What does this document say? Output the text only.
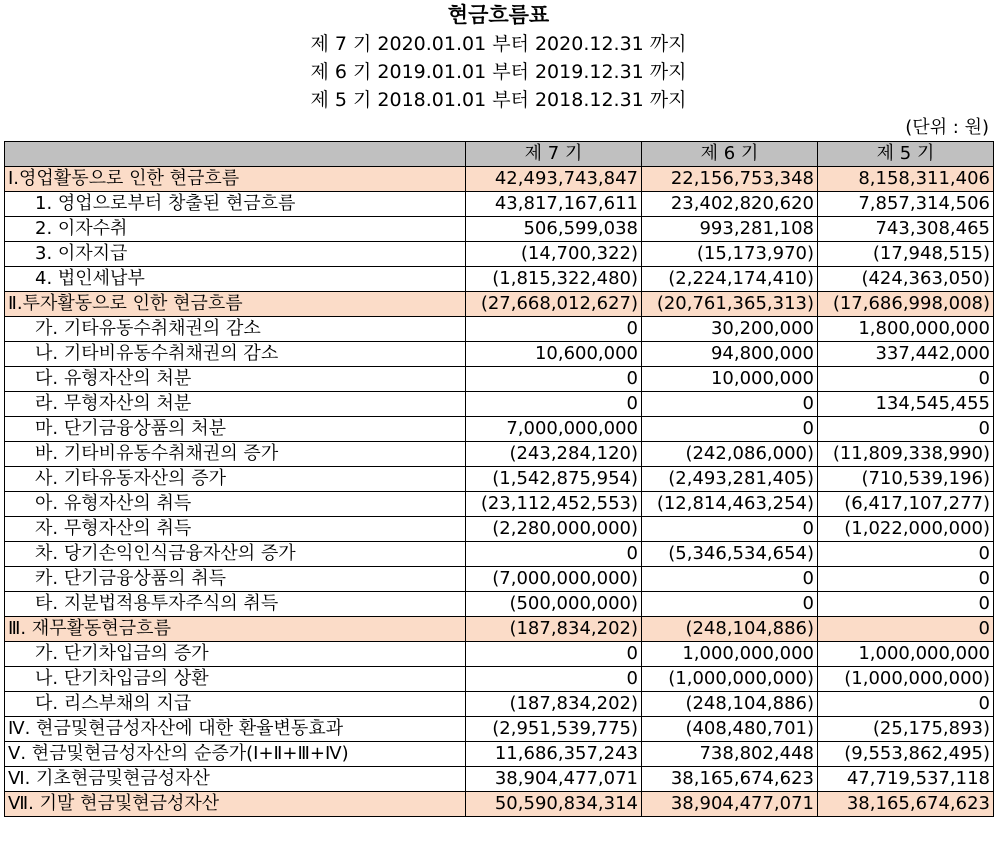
현금흐름표
제 7 기 2020.01.01 부터 2020.12.31 까지
제 6 기 2019.01.01 부터 2019.12.31 까지
제 5 기 2018.01.01 부터 2018.12.31 까지
(단위 : 원)
	제 7 기	제 6 기	제 5 기
Ⅰ.영업활동으로 인한 현금흐름	42,493,743,847	22,156,753,348	8,158,311,406
1. 영업으로부터 창출된 현금흐름	43,817,167,611	23,402,820,620	7,857,314,506
2. 이자수취	506,599,038	993,281,108	743,308,465
3. 이자지급	(14,700,322)	(15,173,970)	(17,948,515)
4. 법인세납부	(1,815,322,480)	(2,224,174,410)	(424,363,050)
Ⅱ.투자활동으로 인한 현금흐름	(27,668,012,627)	(20,761,365,313)	(17,686,998,008)
가. 기타유동수취채권의 감소	0	30,200,000	1,800,000,000
나. 기타비유동수취채권의 감소	10,600,000	94,800,000	337,442,000
다. 유형자산의 처분	0	10,000,000	0
라. 무형자산의 처분	0	0	134,545,455
마. 단기금융상품의 처분	7,000,000,000	0	0
바. 기타비유동수취채권의 증가	(243,284,120)	(242,086,000)	(11,809,338,990)
사. 기타유동자산의 증가	(1,542,875,954)	(2,493,281,405)	(710,539,196)
아. 유형자산의 취득	(23,112,452,553)	(12,814,463,254)	(6,417,107,277)
자. 무형자산의 취득	(2,280,000,000)	0	(1,022,000,000)
차. 당기손익인식금융자산의 증가	0	(5,346,534,654)	0
카. 단기금융상품의 취득	(7,000,000,000)	0	0
타. 지분법적용투자주식의 취득	(500,000,000)	0	0
Ⅲ. 재무활동현금흐름	(187,834,202)	(248,104,886)	0
가. 단기차입금의 증가	0	1,000,000,000	1,000,000,000
나. 단기차입금의 상환	0	(1,000,000,000)	(1,000,000,000)
다. 리스부채의 지급	(187,834,202)	(248,104,886)	0
Ⅳ. 현금및현금성자산에 대한 환율변동효과	(2,951,539,775)	(408,480,701)	(25,175,893)
Ⅴ. 현금및현금성자산의 순증가(Ⅰ+Ⅱ+Ⅲ+Ⅳ)	11,686,357,243	738,802,448	(9,553,862,495)
Ⅵ. 기초현금및현금성자산	38,904,477,071	38,165,674,623	47,719,537,118
Ⅶ. 기말 현금및현금성자산	50,590,834,314	38,904,477,071	38,165,674,623
